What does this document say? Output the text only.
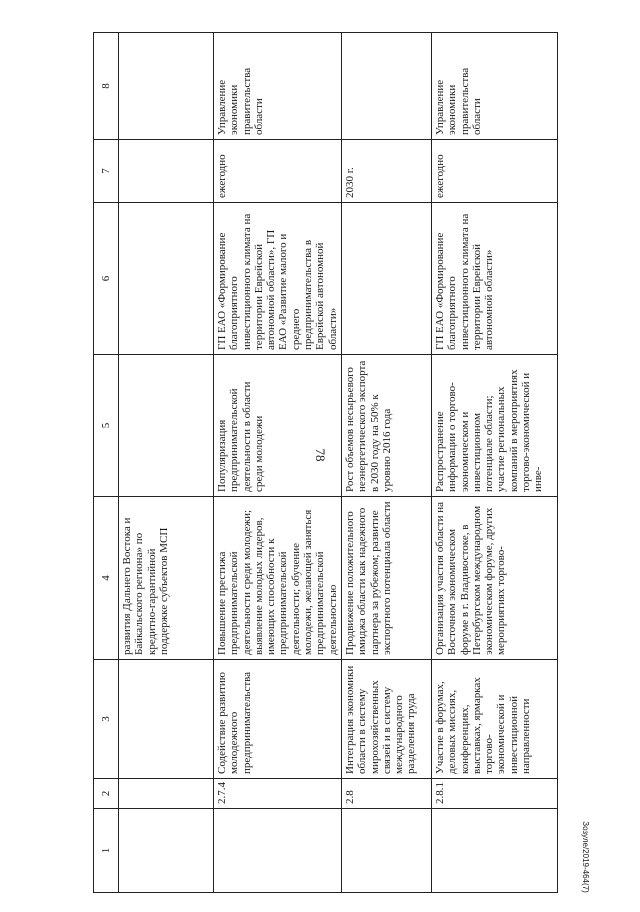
78
1	2	3	4	5	6	7	8
			развития Дальнего Востока и Байкальского региона» по кредитно-гарантийной поддержке субъектов МСП				
	2.7.4	Содействие развитию молодежного предпринимательства	Повышение престижа предпринимательской деятельности среди молодежи; выявление молодых лидеров, имеющих способности к предпринимательской деятельности; обучение молодежи, желающей заняться предпринимательской деятельностью	Популяризация предпринимательской деятельности в области среди молодежи	ГП ЕАО «Формирование благоприятного инвестиционного климата на территории Еврейской автономной области», ГП ЕАО «Развитие малого и среднего предпринимательства в Еврейской автономной области»	ежегодно	Управление экономики правительства области
	2.8	Интеграция экономики области в систему мирохозяйственных связей и в систему международного разделения труда	Продвижение положительного имиджа области как надежного партнера за рубежом; развитие экспортного потенциала области	Рост объемов несырьевого неэнергетического экспорта в 2030 году на 50% к уровню 2016 года		2030 г.	
	2.8.1	Участие в форумах, деловых миссиях, конференциях, выставках, ярмарках торгово-экономической и инвестиционной направленности	Организация участия области на Восточном экономическом форуме в г. Владивостоке, в Петербургском международном экономическом форуме, других мероприятиях торгово-	Распространение информации о торгово-экономическом и инвестиционном потенциале области; участие региональных компаний в мероприятиях торгово-экономической и инве-	ГП ЕАО «Формирование благоприятного инвестиционного климата на территории Еврейской автономной области»	ежегодно	Управление экономики правительства области
Зозуле/2019-464(7)
